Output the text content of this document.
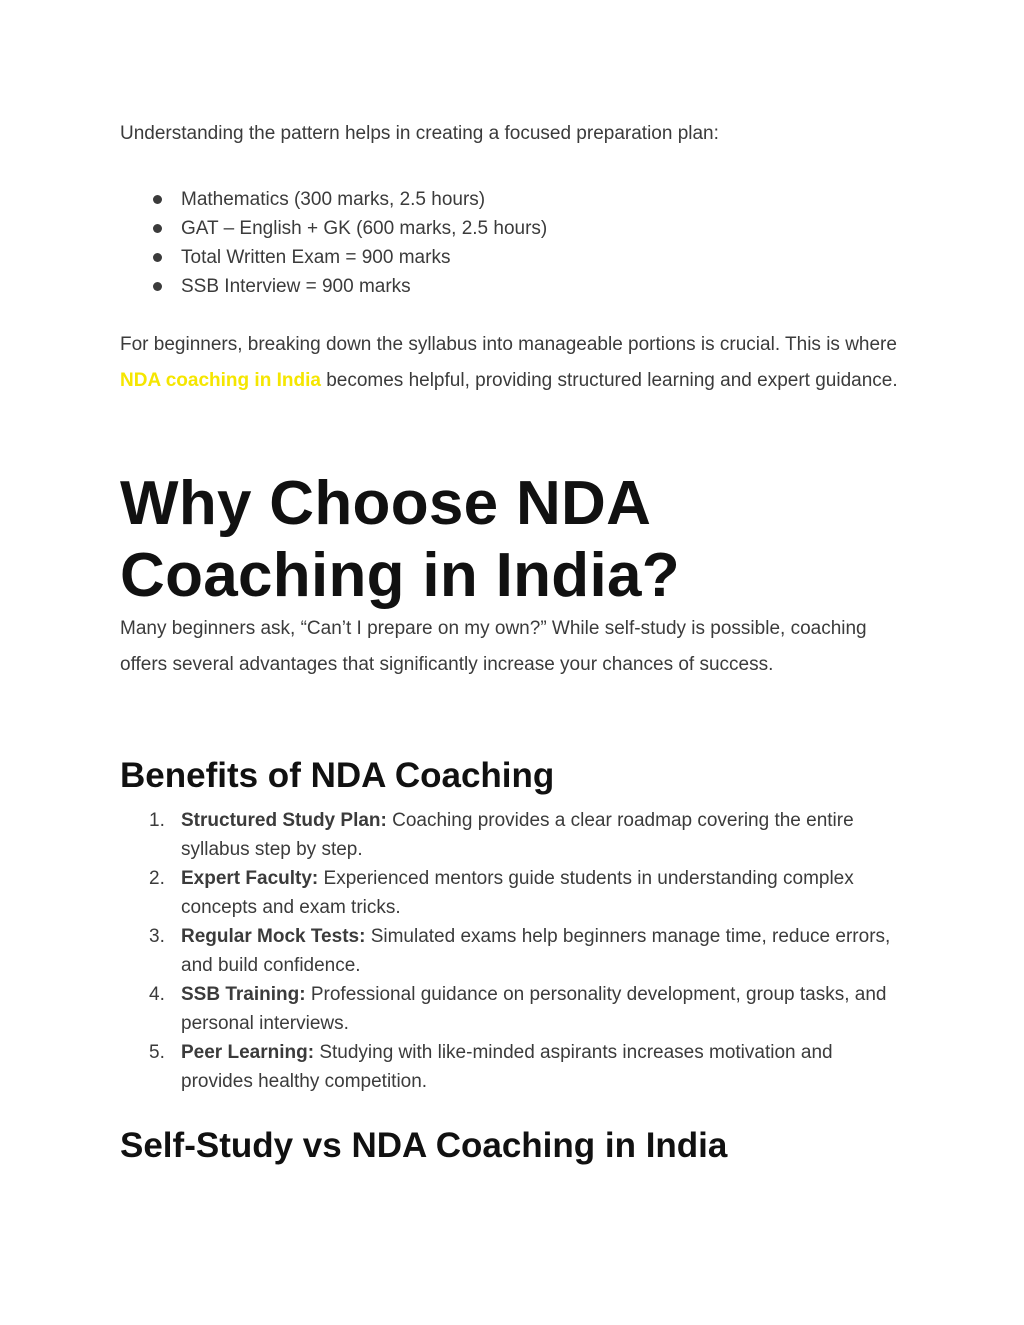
Understanding the pattern helps in creating a focused preparation plan:

Mathematics (300 marks, 2.5 hours)
GAT – English + GK (600 marks, 2.5 hours)
Total Written Exam = 900 marks
SSB Interview = 900 marks

For beginners, breaking down the syllabus into manageable portions is crucial. This is where NDA coaching in India becomes helpful, providing structured learning and expert guidance.

Why Choose NDA Coaching in India?

Many beginners ask, “Can’t I prepare on my own?” While self-study is possible, coaching offers several advantages that significantly increase your chances of success.

Benefits of NDA Coaching
1. Structured Study Plan: Coaching provides a clear roadmap covering the entire syllabus step by step.
2. Expert Faculty: Experienced mentors guide students in understanding complex concepts and exam tricks.
3. Regular Mock Tests: Simulated exams help beginners manage time, reduce errors, and build confidence.
4. SSB Training: Professional guidance on personality development, group tasks, and personal interviews.
5. Peer Learning: Studying with like-minded aspirants increases motivation and provides healthy competition.
Self-Study vs NDA Coaching in India
